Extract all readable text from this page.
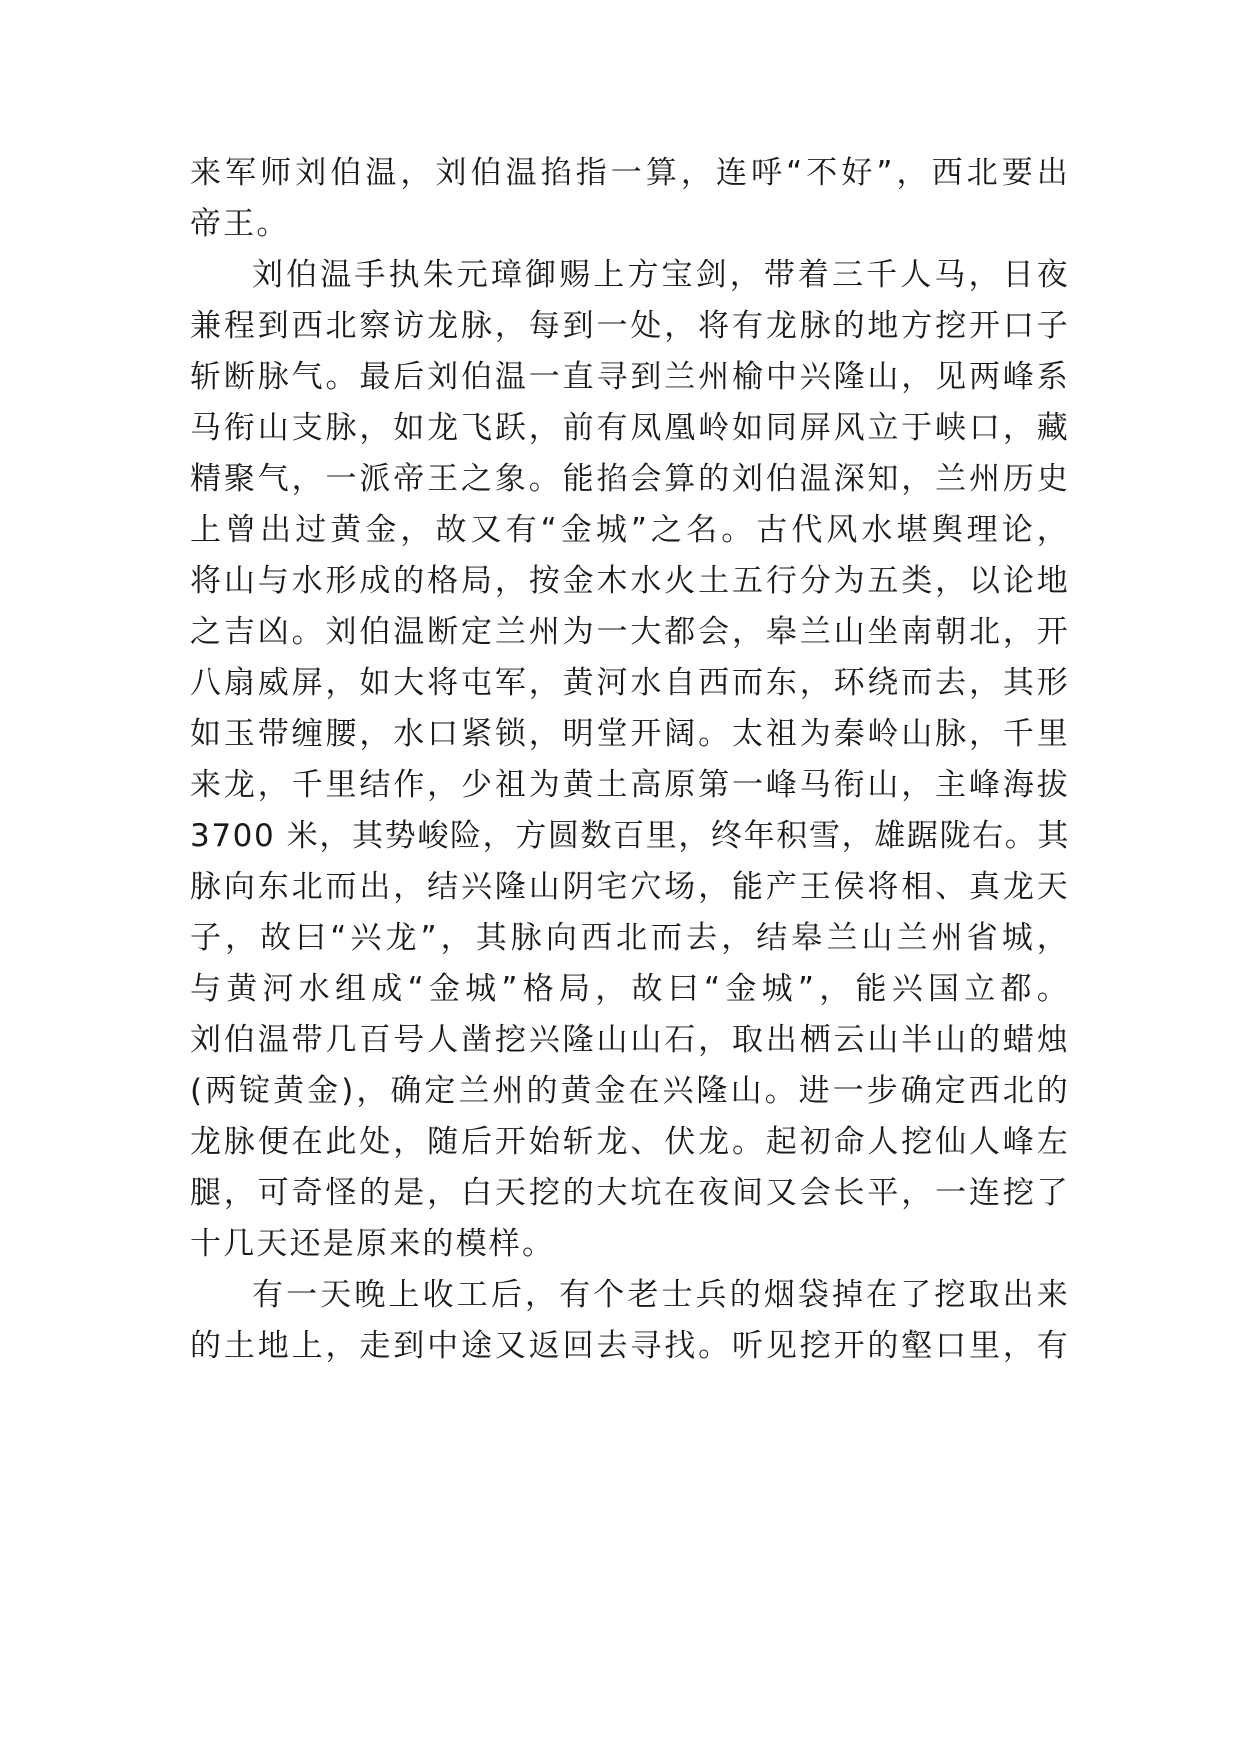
来军师刘伯温，刘伯温掐指一算，连呼“不好”，西北要出
帝王。
刘伯温手执朱元璋御赐上方宝剑，带着三千人马，日夜
兼程到西北察访龙脉，每到一处，将有龙脉的地方挖开口子
斩断脉气。最后刘伯温一直寻到兰州榆中兴隆山，见两峰系
马衔山支脉，如龙飞跃，前有凤凰岭如同屏风立于峡口，藏
精聚气，一派帝王之象。能掐会算的刘伯温深知，兰州历史
上曾出过黄金，故又有“金城”之名。古代风水堪舆理论，
将山与水形成的格局，按金木水火土五行分为五类，以论地
之吉凶。刘伯温断定兰州为一大都会，皋兰山坐南朝北，开
八扇威屏，如大将屯军，黄河水自西而东，环绕而去，其形
如玉带缠腰，水口紧锁，明堂开阔。太祖为秦岭山脉，千里
来龙，千里结作，少祖为黄土高原第一峰马衔山，主峰海拔
3700 米，其势峻险，方圆数百里，终年积雪，雄踞陇右。其
脉向东北而出，结兴隆山阴宅穴场，能产王侯将相、真龙天
子，故曰“兴龙”，其脉向西北而去，结皋兰山兰州省城，
与黄河水组成“金城”格局，故曰“金城”，能兴国立都。
刘伯温带几百号人凿挖兴隆山山石，取出栖云山半山的蜡烛
(两锭黄金)，确定兰州的黄金在兴隆山。进一步确定西北的
龙脉便在此处，随后开始斩龙、伏龙。起初命人挖仙人峰左
腿，可奇怪的是，白天挖的大坑在夜间又会长平，一连挖了
十几天还是原来的模样。
有一天晚上收工后，有个老士兵的烟袋掉在了挖取出来
的土地上，走到中途又返回去寻找。听见挖开的壑口里，有
